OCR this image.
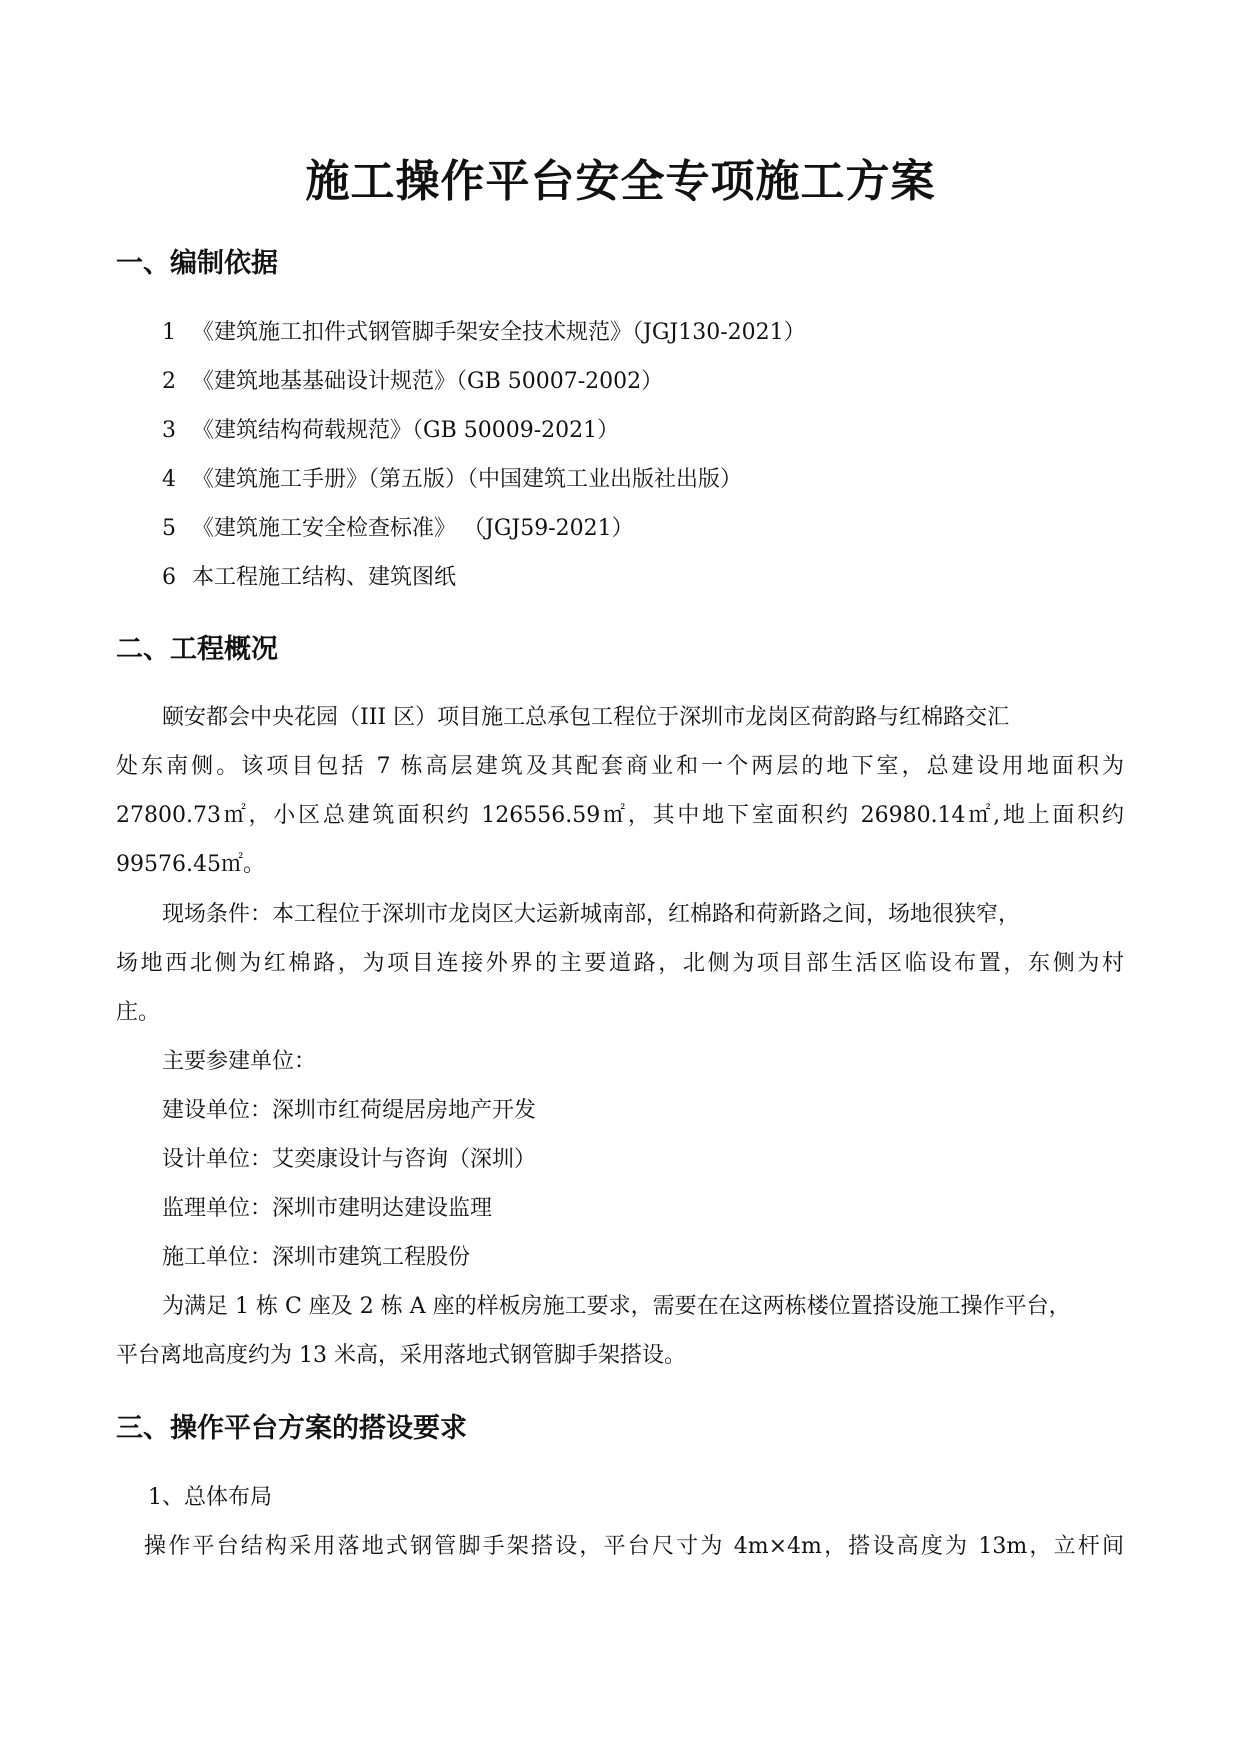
施工操作平台安全专项施工方案
一、编制依据
1 《建筑施工扣件式钢管脚手架安全技术规范》（JGJ130-2021）
2 《建筑地基基础设计规范》（GB 50007-2002）
3 《建筑结构荷载规范》（GB 50009-2021）
4 《建筑施工手册》（第五版）（中国建筑工业出版社出版）
5 《建筑施工安全检查标准》 （JGJ59-2021）
6 本工程施工结构、建筑图纸
二、工程概况
颐安都会中央花园（III 区）项目施工总承包工程位于深圳市龙岗区荷韵路与红棉路交汇
处东南侧。该项目包括 7 栋高层建筑及其配套商业和一个两层的地下室，总建设用地面积为
27800.73㎡，小区总建筑面积约 126556.59㎡，其中地下室面积约 26980.14㎡,地上面积约
99576.45㎡。
现场条件：本工程位于深圳市龙岗区大运新城南部，红棉路和荷新路之间，场地很狭窄，
场地西北侧为红棉路，为项目连接外界的主要道路，北侧为项目部生活区临设布置，东侧为村
庄。
主要参建单位：
建设单位：深圳市红荷缇居房地产开发
设计单位：艾奕康设计与咨询（深圳）
监理单位：深圳市建明达建设监理
施工单位：深圳市建筑工程股份
为满足 1 栋 C 座及 2 栋 A 座的样板房施工要求，需要在在这两栋楼位置搭设施工操作平台，
平台离地高度约为 13 米高，采用落地式钢管脚手架搭设。
三、操作平台方案的搭设要求
1、总体布局
操作平台结构采用落地式钢管脚手架搭设，平台尺寸为 4m×4m，搭设高度为 13m，立杆间
